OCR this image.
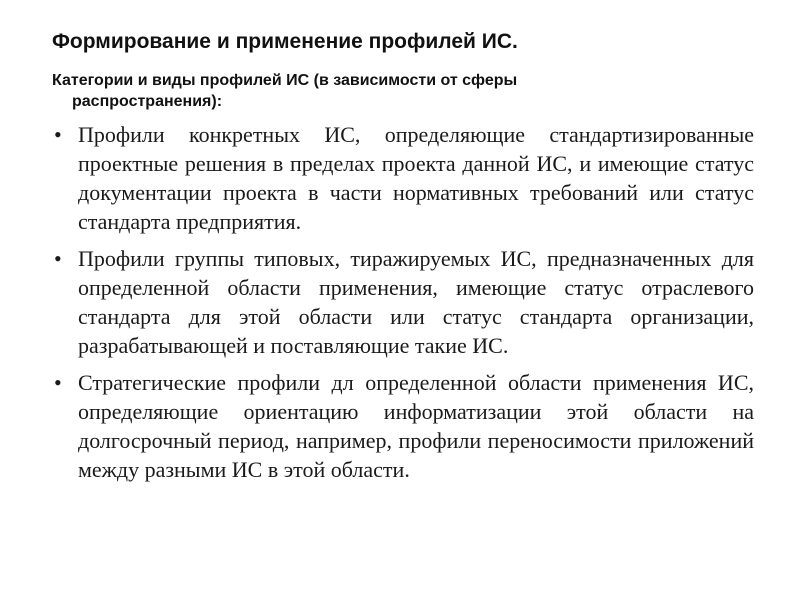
Формирование и применение профилей ИС.
Категории и виды профилей ИС (в зависимости от сферы
распространения):
• Профили конкретных ИС, определяющие стандартизированные проектные решения в пределах проекта данной ИС, и имеющие статус документации проекта в части нормативных требований или статус стандарта предприятия.
• Профили группы типовых, тиражируемых ИС, предназначенных для определенной области применения, имеющие статус отраслевого стандарта для этой области или статус стандарта организации, разрабатывающей и поставляющие такие ИС.
• Стратегические профили дл определенной области применения ИС, определяющие ориентацию информатизации этой области на долгосрочный период, например, профили переносимости приложений между разными ИС в этой области.
